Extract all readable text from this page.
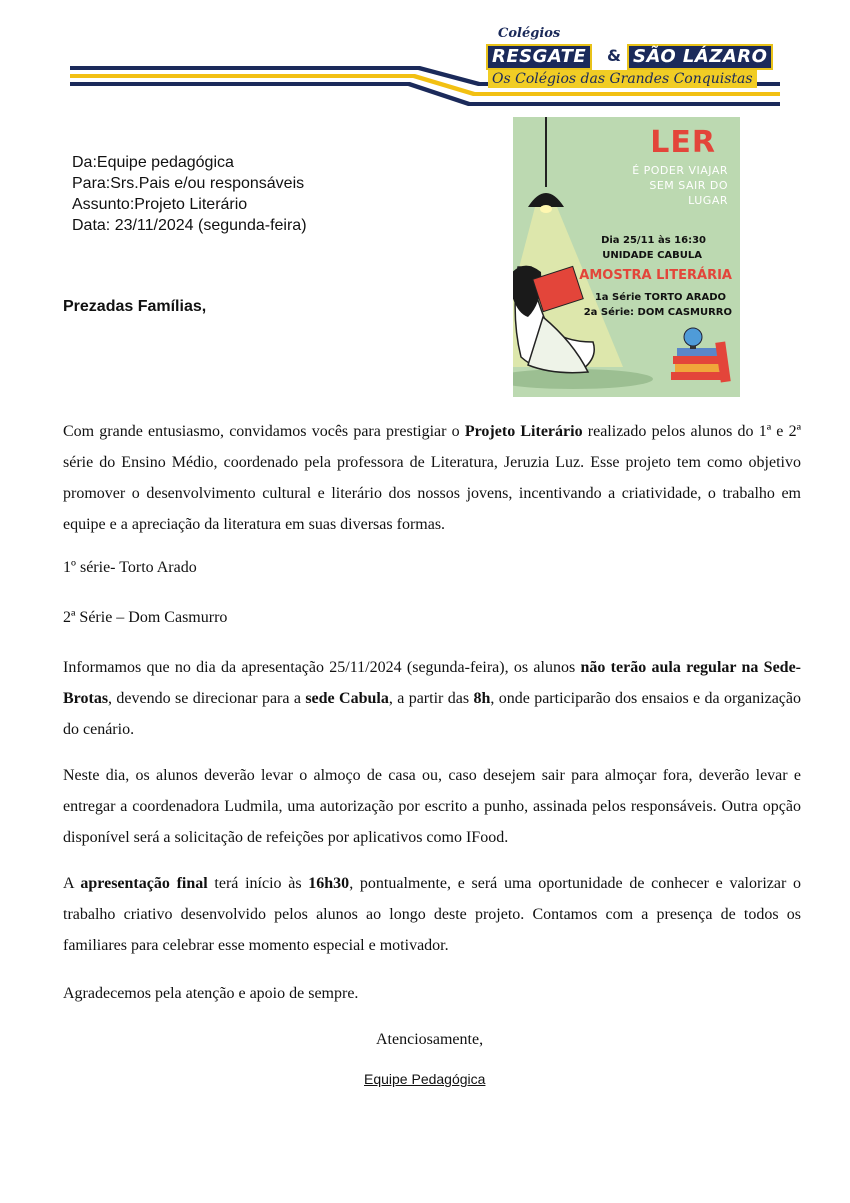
Colégios
RESGATE	& SÃO LÁZARO
Os Colégios das Grandes Conquistas
Da:Equipe pedagógica
Para:Srs.Pais e/ou responsáveis
Assunto:Projeto Literário
Data: 23/11/2024 (segunda-feira)
LER
É PODER VIAJAR SEM SAIR DO LUGAR
Dia 25/11 às 16:30
UNIDADE CABULA
AMOSTRA LITERÁRIA
1a Série TORTO ARADO
2a Série: DOM CASMURRO
Prezadas Famílias,

Com grande entusiasmo, convidamos vocês para prestigiar o Projeto Literário realizado pelos alunos do 1ª e 2ª série do Ensino Médio, coordenado pela professora de Literatura, Jeruzia Luz. Esse projeto tem como objetivo promover o desenvolvimento cultural e literário dos nossos jovens, incentivando a criatividade, o trabalho em equipe e a apreciação da literatura em suas diversas formas.

1º série- Torto Arado

2ª Série – Dom Casmurro

Informamos que no dia da apresentação 25/11/2024 (segunda-feira), os alunos não terão aula regular na Sede-Brotas, devendo se direcionar para a sede Cabula, a partir das 8h, onde participarão dos ensaios e da organização do cenário.

Neste dia, os alunos deverão levar o almoço de casa ou, caso desejem sair para almoçar fora, deverão levar e entregar a coordenadora Ludmila, uma autorização por escrito a punho, assinada pelos responsáveis. Outra opção disponível será a solicitação de refeições por aplicativos como IFood.

A apresentação final terá início às 16h30, pontualmente, e será uma oportunidade de conhecer e valorizar o trabalho criativo desenvolvido pelos alunos ao longo deste projeto. Contamos com a presença de todos os familiares para celebrar esse momento especial e motivador.

Agradecemos pela atenção e apoio de sempre.

Atenciosamente,
Equipe Pedagógica
